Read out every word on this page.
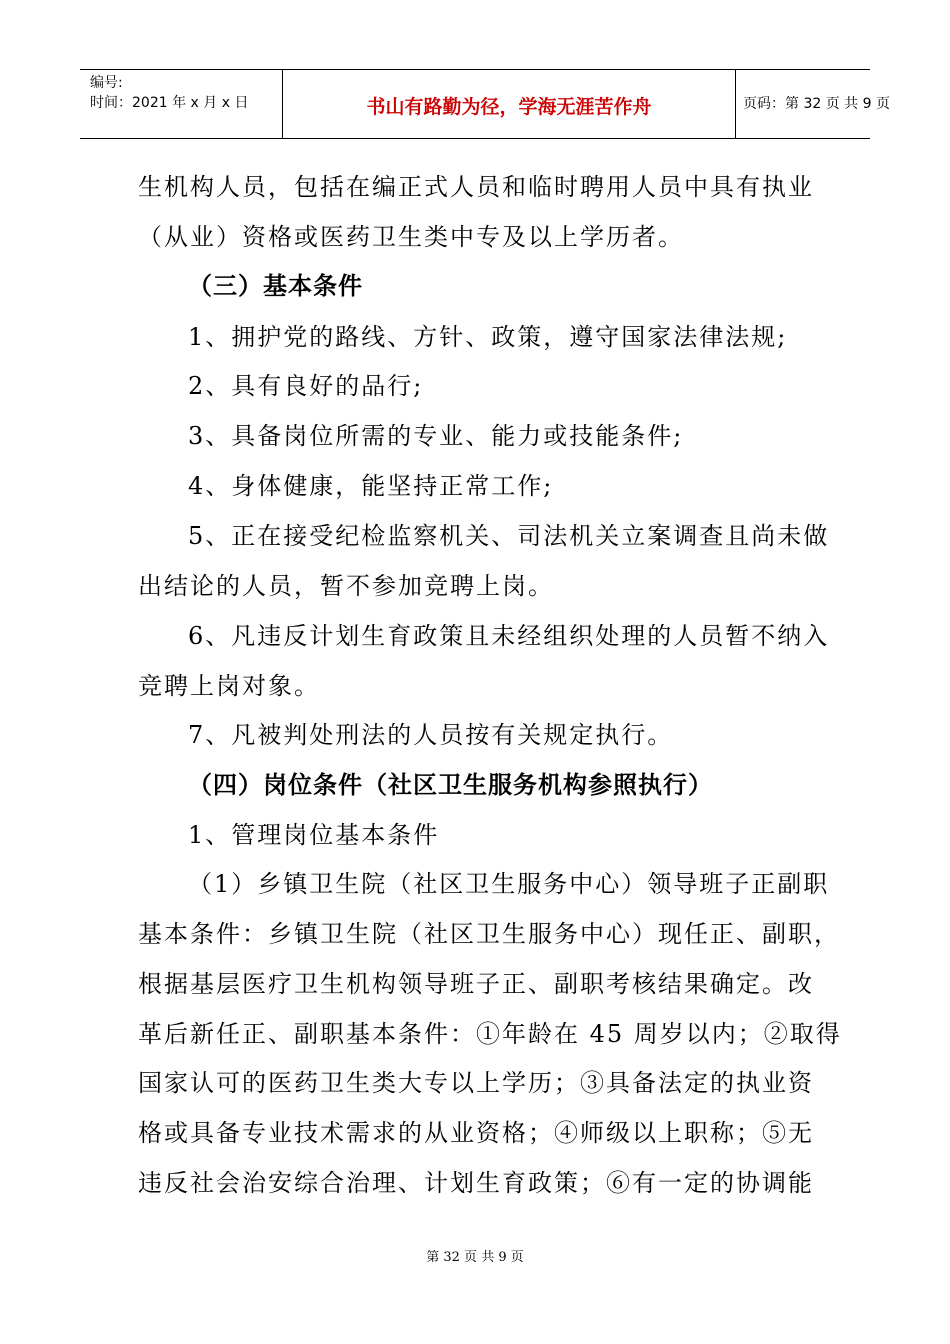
编号:
时间：2021 年 x 月 x 日	书山有路勤为径，学海无涯苦作舟	页码：第 32 页 共 9 页
生机构人员，包括在编正式人员和临时聘用人员中具有执业
（从业）资格或医药卫生类中专及以上学历者。
（三）基本条件
1、拥护党的路线、方针、政策，遵守国家法律法规;
2、具有良好的品行;
3、具备岗位所需的专业、能力或技能条件;
4、身体健康，能坚持正常工作;
5、正在接受纪检监察机关、司法机关立案调查且尚未做
出结论的人员，暂不参加竞聘上岗。
6、凡违反计划生育政策且未经组织处理的人员暂不纳入
竞聘上岗对象。
7、凡被判处刑法的人员按有关规定执行。
（四）岗位条件（社区卫生服务机构参照执行）
1、管理岗位基本条件
（1）乡镇卫生院（社区卫生服务中心）领导班子正副职
基本条件：乡镇卫生院（社区卫生服务中心）现任正、副职，
根据基层医疗卫生机构领导班子正、副职考核结果确定。改
革后新任正、副职基本条件：①年龄在 45 周岁以内；②取得
国家认可的医药卫生类大专以上学历；③具备法定的执业资
格或具备专业技术需求的从业资格；④师级以上职称；⑤无
违反社会治安综合治理、计划生育政策；⑥有一定的协调能
第 32 页 共 9 页
